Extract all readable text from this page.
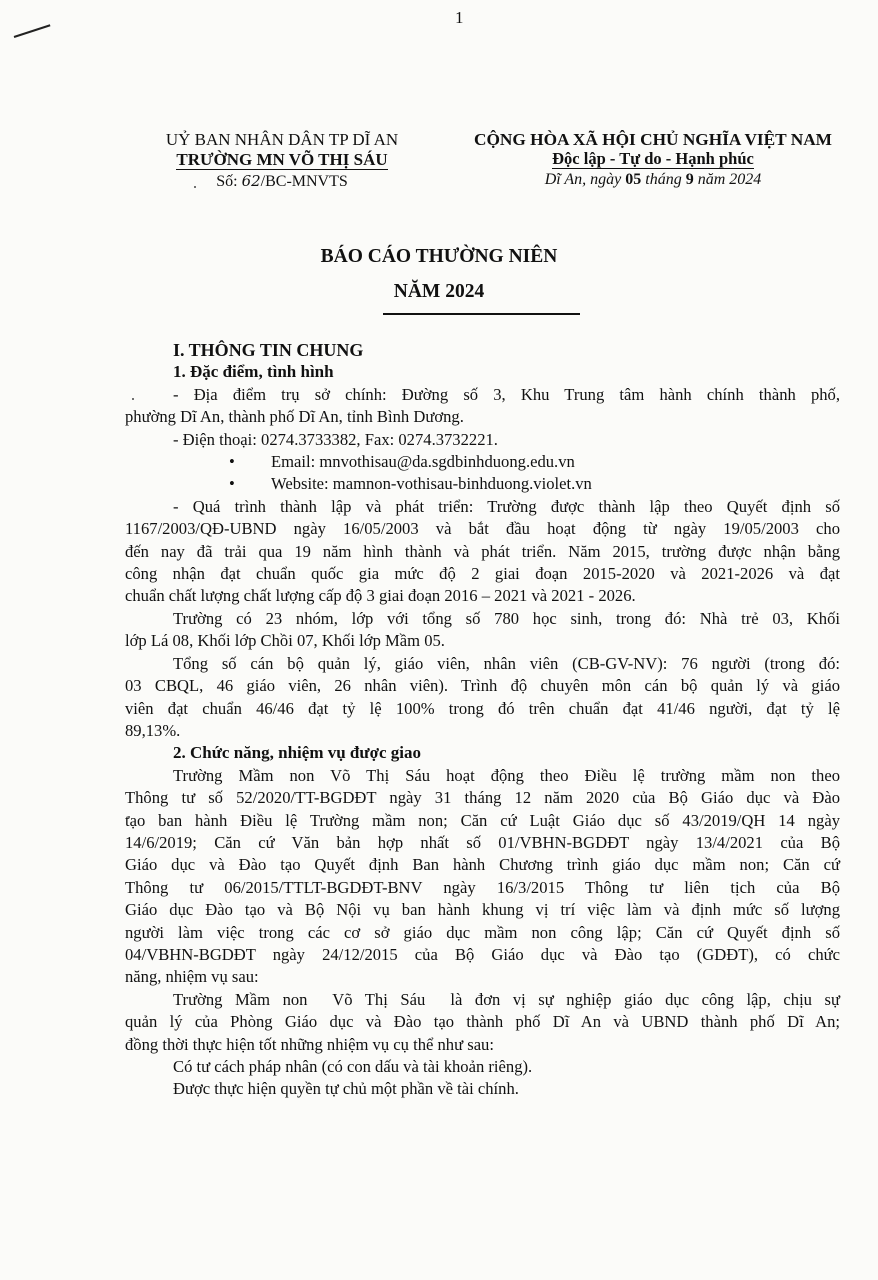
1
UỶ BAN NHÂN DÂN TP DĨ AN
TRƯỜNG MN VÕ THỊ SÁU
Số: 62/BC-MNVTS
CỘNG HÒA XÃ HỘI CHỦ NGHĨA VIỆT NAM
Độc lập - Tự do - Hạnh phúc
Dĩ An, ngày 05 tháng 9 năm 2024
BÁO CÁO THƯỜNG NIÊN
NĂM 2024

I. THÔNG TIN CHUNG

1. Đặc điểm, tình hình

- Địa điểm trụ sở chính: Đường số 3, Khu Trung tâm hành chính thành phố,

phường Dĩ An, thành phố Dĩ An, tỉnh Bình Dương.

- Điện thoại: 0274.3733382, Fax: 0274.3732221.

• Email: mnvothisau@da.sgdbinhduong.edu.vn

• Website: mamnon-vothisau-binhduong.violet.vn

- Quá trình thành lập và phát triển: Trường được thành lập theo Quyết định số

1167/2003/QĐ-UBND ngày 16/05/2003 và bắt đầu hoạt động từ ngày 19/05/2003 cho

đến nay đã trải qua 19 năm hình thành và phát triển. Năm 2015, trường được nhận bằng

công nhận đạt chuẩn quốc gia mức độ 2 giai đoạn 2015-2020 và 2021-2026 và đạt

chuẩn chất lượng chất lượng cấp độ 3 giai đoạn 2016 – 2021 và 2021 - 2026.

Trường có 23 nhóm, lớp với tổng số 780 học sinh, trong đó: Nhà trẻ 03, Khối

lớp Lá 08, Khối lớp Chồi 07, Khối lớp Mầm 05.

Tổng số cán bộ quản lý, giáo viên, nhân viên (CB-GV-NV): 76 người (trong đó:

03 CBQL, 46 giáo viên, 26 nhân viên). Trình độ chuyên môn cán bộ quản lý và giáo

viên đạt chuẩn 46/46 đạt tỷ lệ 100% trong đó trên chuẩn đạt 41/46 người, đạt tỷ lệ

89,13%.

2. Chức năng, nhiệm vụ được giao

Trường Mầm non Võ Thị Sáu hoạt động theo Điều lệ trường mầm non theo

Thông tư số 52/2020/TT-BGDĐT ngày 31 tháng 12 năm 2020 của Bộ Giáo dục và Đào

tạo ban hành Điều lệ Trường mầm non; Căn cứ Luật Giáo dục số 43/2019/QH 14 ngày

14/6/2019; Căn cứ Văn bản hợp nhất số 01/VBHN-BGDĐT ngày 13/4/2021 của Bộ

Giáo dục và Đào tạo Quyết định Ban hành Chương trình giáo dục mầm non; Căn cứ

Thông tư 06/2015/TTLT-BGDĐT-BNV ngày 16/3/2015 Thông tư liên tịch của Bộ

Giáo dục Đào tạo và Bộ Nội vụ ban hành khung vị trí việc làm và định mức số lượng

người làm việc trong các cơ sở giáo dục mầm non công lập; Căn cứ Quyết định số

04/VBHN-BGDĐT ngày 24/12/2015 của Bộ Giáo dục và Đào tạo (GDĐT), có chức

năng, nhiệm vụ sau:

Trường Mầm non  Võ Thị Sáu  là đơn vị sự nghiệp giáo dục công lập, chịu sự

quản lý của Phòng Giáo dục và Đào tạo thành phố Dĩ An và UBND thành phố Dĩ An;

đồng thời thực hiện tốt những nhiệm vụ cụ thể như sau:

Có tư cách pháp nhân (có con dấu và tài khoản riêng).

Được thực hiện quyền tự chủ một phần về tài chính.
